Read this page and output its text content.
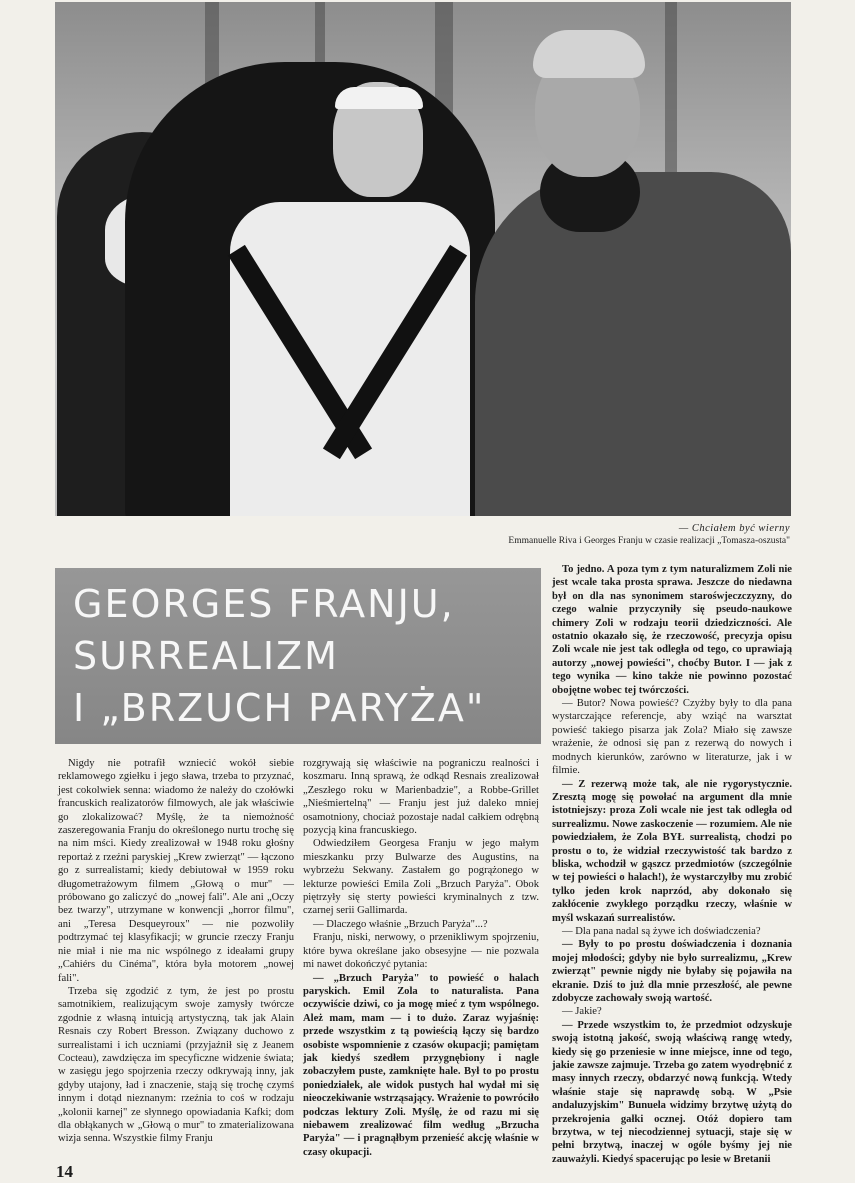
— Chciałem być wierny
Emmanuelle Riva i Georges Franju w czasie realizacji „Tomasza-oszusta"
GEORGES FRANJU,
SURREALIZM
I „BRZUCH PARYŻA"

Nigdy nie potrafił wzniecić wokół siebie reklamowego zgiełku i jego sława, trzeba to przyznać, jest cokolwiek senna: wiadomo że należy do czołówki francuskich realizatorów filmowych, ale jak właściwie go zlokalizować? Myślę, że ta niemożność zaszeregowania Franju do określonego nurtu trochę się na nim mści. Kiedy zrealizował w 1948 roku głośny reportaż z rzeźni paryskiej „Krew zwierząt" — łączono go z surrealistami; kiedy debiutował w 1959 roku długometrażowym filmem „Głową o mur" — próbowano go zaliczyć do „nowej fali". Ale ani „Oczy bez twarzy", utrzymane w konwencji „horror filmu", ani „Teresa Desqueyroux" — nie pozwoliły podtrzymać tej klasyfikacji; w gruncie rzeczy Franju nie miał i nie ma nic wspólnego z ideałami grupy „Cahiérs du Cinéma", która była motorem „nowej fali".

Trzeba się zgodzić z tym, że jest po prostu samotnikiem, realizującym swoje zamysły twórcze zgodnie z własną intuicją artystyczną, tak jak Alain Resnais czy Robert Bresson. Związany duchowo z surrealistami i ich uczniami (przyjaźnił się z Jeanem Cocteau), zawdzięcza im specyficzne widzenie świata; w zasięgu jego spojrzenia rzeczy odkrywają inny, jak gdyby utajony, ład i znaczenie, stają się trochę czymś innym i dotąd nieznanym: rzeźnia to coś w rodzaju „kolonii karnej" ze słynnego opowiadania Kafki; dom dla obłąkanych w „Głową o mur" to zmaterializowana wizja senna. Wszystkie filmy Franju

rozgrywają się właściwie na pograniczu realności i koszmaru. Inną sprawą, że odkąd Resnais zrealizował „Zeszłego roku w Marienbadzie", a Robbe-Grillet „Nieśmiertelną" — Franju jest już daleko mniej osamotniony, chociaż pozostaje nadal całkiem odrębną pozycją kina francuskiego.

Odwiedziłem Georgesa Franju w jego małym mieszkanku przy Bulwarze des Augustins, na wybrzeżu Sekwany. Zastałem go pogrążonego w lekturze powieści Emila Zoli „Brzuch Paryża". Obok piętrzyły się sterty powieści kryminalnych z tzw. czarnej serii Gallimarda.

— Dlaczego właśnie „Brzuch Paryża"...?

Franju, niski, nerwowy, o przenikliwym spojrzeniu, które bywa określane jako obsesyjne — nie pozwala mi nawet dokończyć pytania:

— „Brzuch Paryża" to powieść o halach paryskich. Emil Zola to naturalista. Pana oczywiście dziwi, co ja mogę mieć z tym wspólnego. Ależ mam, mam — i to dużo. Zaraz wyjaśnię: przede wszystkim z tą powieścią łączy się bardzo osobiste wspomnienie z czasów okupacji; pamiętam jak kiedyś szedłem przygnębiony i nagle zobaczyłem puste, zamknięte hale. Był to po prostu poniedziałek, ale widok pustych hal wydał mi się nieoczekiwanie wstrząsający. Wrażenie to powróciło podczas lektury Zoli. Myślę, że od razu mi się niebawem zrealizować film według „Brzucha Paryża" — i pragnąłbym przenieść akcję właśnie w czasy okupacji.

To jedno. A poza tym z tym naturalizmem Zoli nie jest wcale taka prosta sprawa. Jeszcze do niedawna był on dla nas synonimem starośwjeczczyzny, do czego walnie przyczyniły się pseudo-naukowe chimery Zoli w rodzaju teorii dziedziczności. Ale ostatnio okazało się, że rzeczowość, precyzja opisu Zoli wcale nie jest tak odległa od tego, co uprawiają autorzy „nowej powieści", choćby Butor. I — jak z tego wynika — kino także nie powinno pozostać obojętne wobec tej twórczości.

— Butor? Nowa powieść? Czyżby były to dla pana wystarczające referencje, aby wziąć na warsztat powieść takiego pisarza jak Zola? Miało się zawsze wrażenie, że odnosi się pan z rezerwą do nowych i modnych kierunków, zarówno w literaturze, jak i w filmie.

— Z rezerwą może tak, ale nie rygorystycznie. Zresztą mogę się powołać na argument dla mnie istotniejszy: proza Zoli wcale nie jest tak odległa od surrealizmu. Nowe zaskoczenie — rozumiem. Ale nie powiedziałem, że Zola BYŁ surrealistą, chodzi po prostu o to, że widział rzeczywistość tak bardzo z bliska, wchodził w gąszcz przedmiotów (szczególnie w tej powieści o halach!), że wystarczyłby mu zrobić tylko jeden krok naprzód, aby dokonało się zakłócenie zwykłego porządku rzeczy, właśnie w myśl wskazań surrealistów.

— Dla pana nadal są żywe ich doświadczenia?

— Były to po prostu doświadczenia i doznania mojej młodości; gdyby nie było surrealizmu, „Krew zwierząt" pewnie nigdy nie byłaby się pojawiła na ekranie. Dziś to już dla mnie przeszłość, ale pewne zdobycze zachowały swoją wartość.

— Jakie?

— Przede wszystkim to, że przedmiot odzyskuje swoją istotną jakość, swoją właściwą rangę wtedy, kiedy się go przeniesie w inne miejsce, inne od tego, jakie zawsze zajmuje. Trzeba go zatem wyodrębnić z masy innych rzeczy, obdarzyć nową funkcją. Wtedy właśnie staje się naprawdę sobą. W „Psie andaluzyjskim" Bunuela widzimy brzytwę użytą do przekrojenia gałki ocznej. Otóż dopiero tam brzytwa, w tej niecodziennej sytuacji, staje się w pełni brzytwą, inaczej w ogóle byśmy jej nie zauważyli. Kiedyś spacerując po lesie w Bretanii

14
